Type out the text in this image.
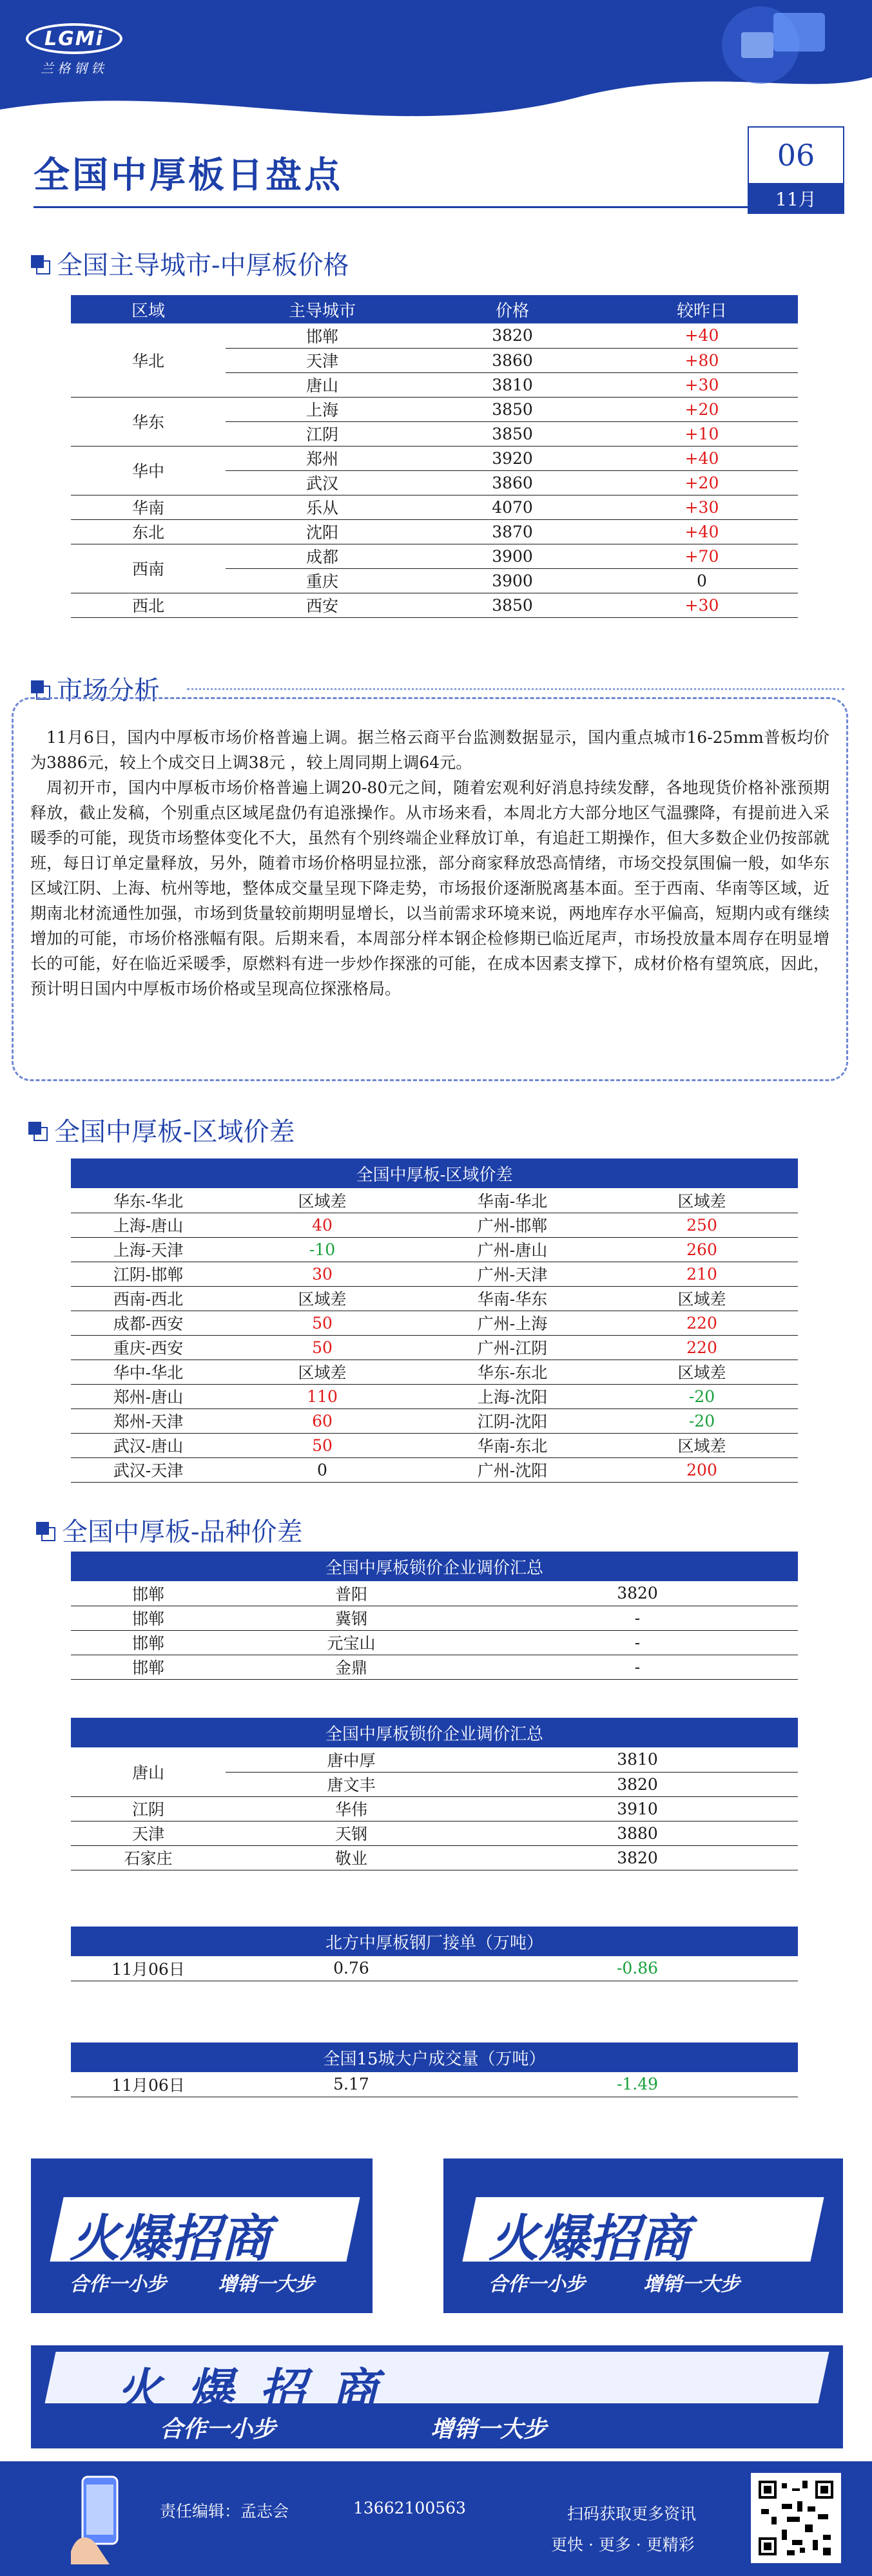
LGMi
兰格钢铁
全国中厚板日盘点	06
11月
全国主导城市-中厚板价格
区域	主导城市	价格	较昨日
华北	邯郸	3820	+40
	天津	3860	+80
	唐山	3810	+30
华东	上海	3850	+20
	江阴	3850	+10
华中	郑州	3920	+40
	武汉	3860	+20
华南	乐从	4070	+30
东北	沈阳	3870	+40
西南	成都	3900	+70
	重庆	3900	0
西北	西安	3850	+30
市场分析

11月6日，国内中厚板市场价格普遍上调。据兰格云商平台监测数据显示，国内重点城市16-25mm普板均价为3886元，较上个成交日上调38元 ，较上周同期上调64元。

周初开市，国内中厚板市场价格普遍上调20-80元之间，随着宏观利好消息持续发酵，各地现货价格补涨预期释放，截止发稿，个别重点区域尾盘仍有追涨操作。从市场来看，本周北方大部分地区气温骤降，有提前进入采暖季的可能，现货市场整体变化不大，虽然有个别终端企业释放订单，有追赶工期操作，但大多数企业仍按部就班，每日订单定量释放，另外，随着市场价格明显拉涨，部分商家释放恐高情绪，市场交投氛围偏一般，如华东区域江阴、上海、杭州等地，整体成交量呈现下降走势，市场报价逐渐脱离基本面。至于西南、华南等区域，近期南北材流通性加强，市场到货量较前期明显增长，以当前需求环境来说，两地库存水平偏高，短期内或有继续增加的可能，市场价格涨幅有限。后期来看，本周部分样本钢企检修期已临近尾声，市场投放量本周存在明显增长的可能，好在临近采暖季，原燃料有进一步炒作探涨的可能，在成本因素支撑下，成材价格有望筑底，因此，预计明日国内中厚板市场价格或呈现高位探涨格局。

全国中厚板-区域价差
全国中厚板-区域价差			
华东-华北	区域差	华南-华北	区域差
上海-唐山	40	广州-邯郸	250
上海-天津	-10	广州-唐山	260
江阴-邯郸	30	广州-天津	210
西南-西北	区域差	华南-华东	区域差
成都-西安	50	广州-上海	220
重庆-西安	50	广州-江阴	220
华中-华北	区域差	华东-东北	区域差
郑州-唐山	110	上海-沈阳	-20
郑州-天津	60	江阴-沈阳	-20
武汉-唐山	50	华南-东北	区域差
武汉-天津	0	广州-沈阳	200
全国中厚板-品种价差
全国中厚板锁价企业调价汇总		
邯郸	普阳	3820
邯郸	冀钢	-
邯郸	元宝山	-
邯郸	金鼎	-
全国中厚板锁价企业调价汇总		
唐山	唐中厚	3810
	唐文丰	3820
江阴	华伟	3910
天津	天钢	3880
石家庄	敬业	3820
北方中厚板钢厂接单（万吨）
11月06日	0.76	-0.86
全国15城大户成交量（万吨）
11月06日	5.17	-1.49
火爆招商
合作一小步	增销一大步
火爆招商
合作一小步	增销一大步
火爆招商
合作一小步	增销一大步
责任编辑：孟志会	13662100563	扫码获取更多资讯
更快 · 更多 · 更精彩
